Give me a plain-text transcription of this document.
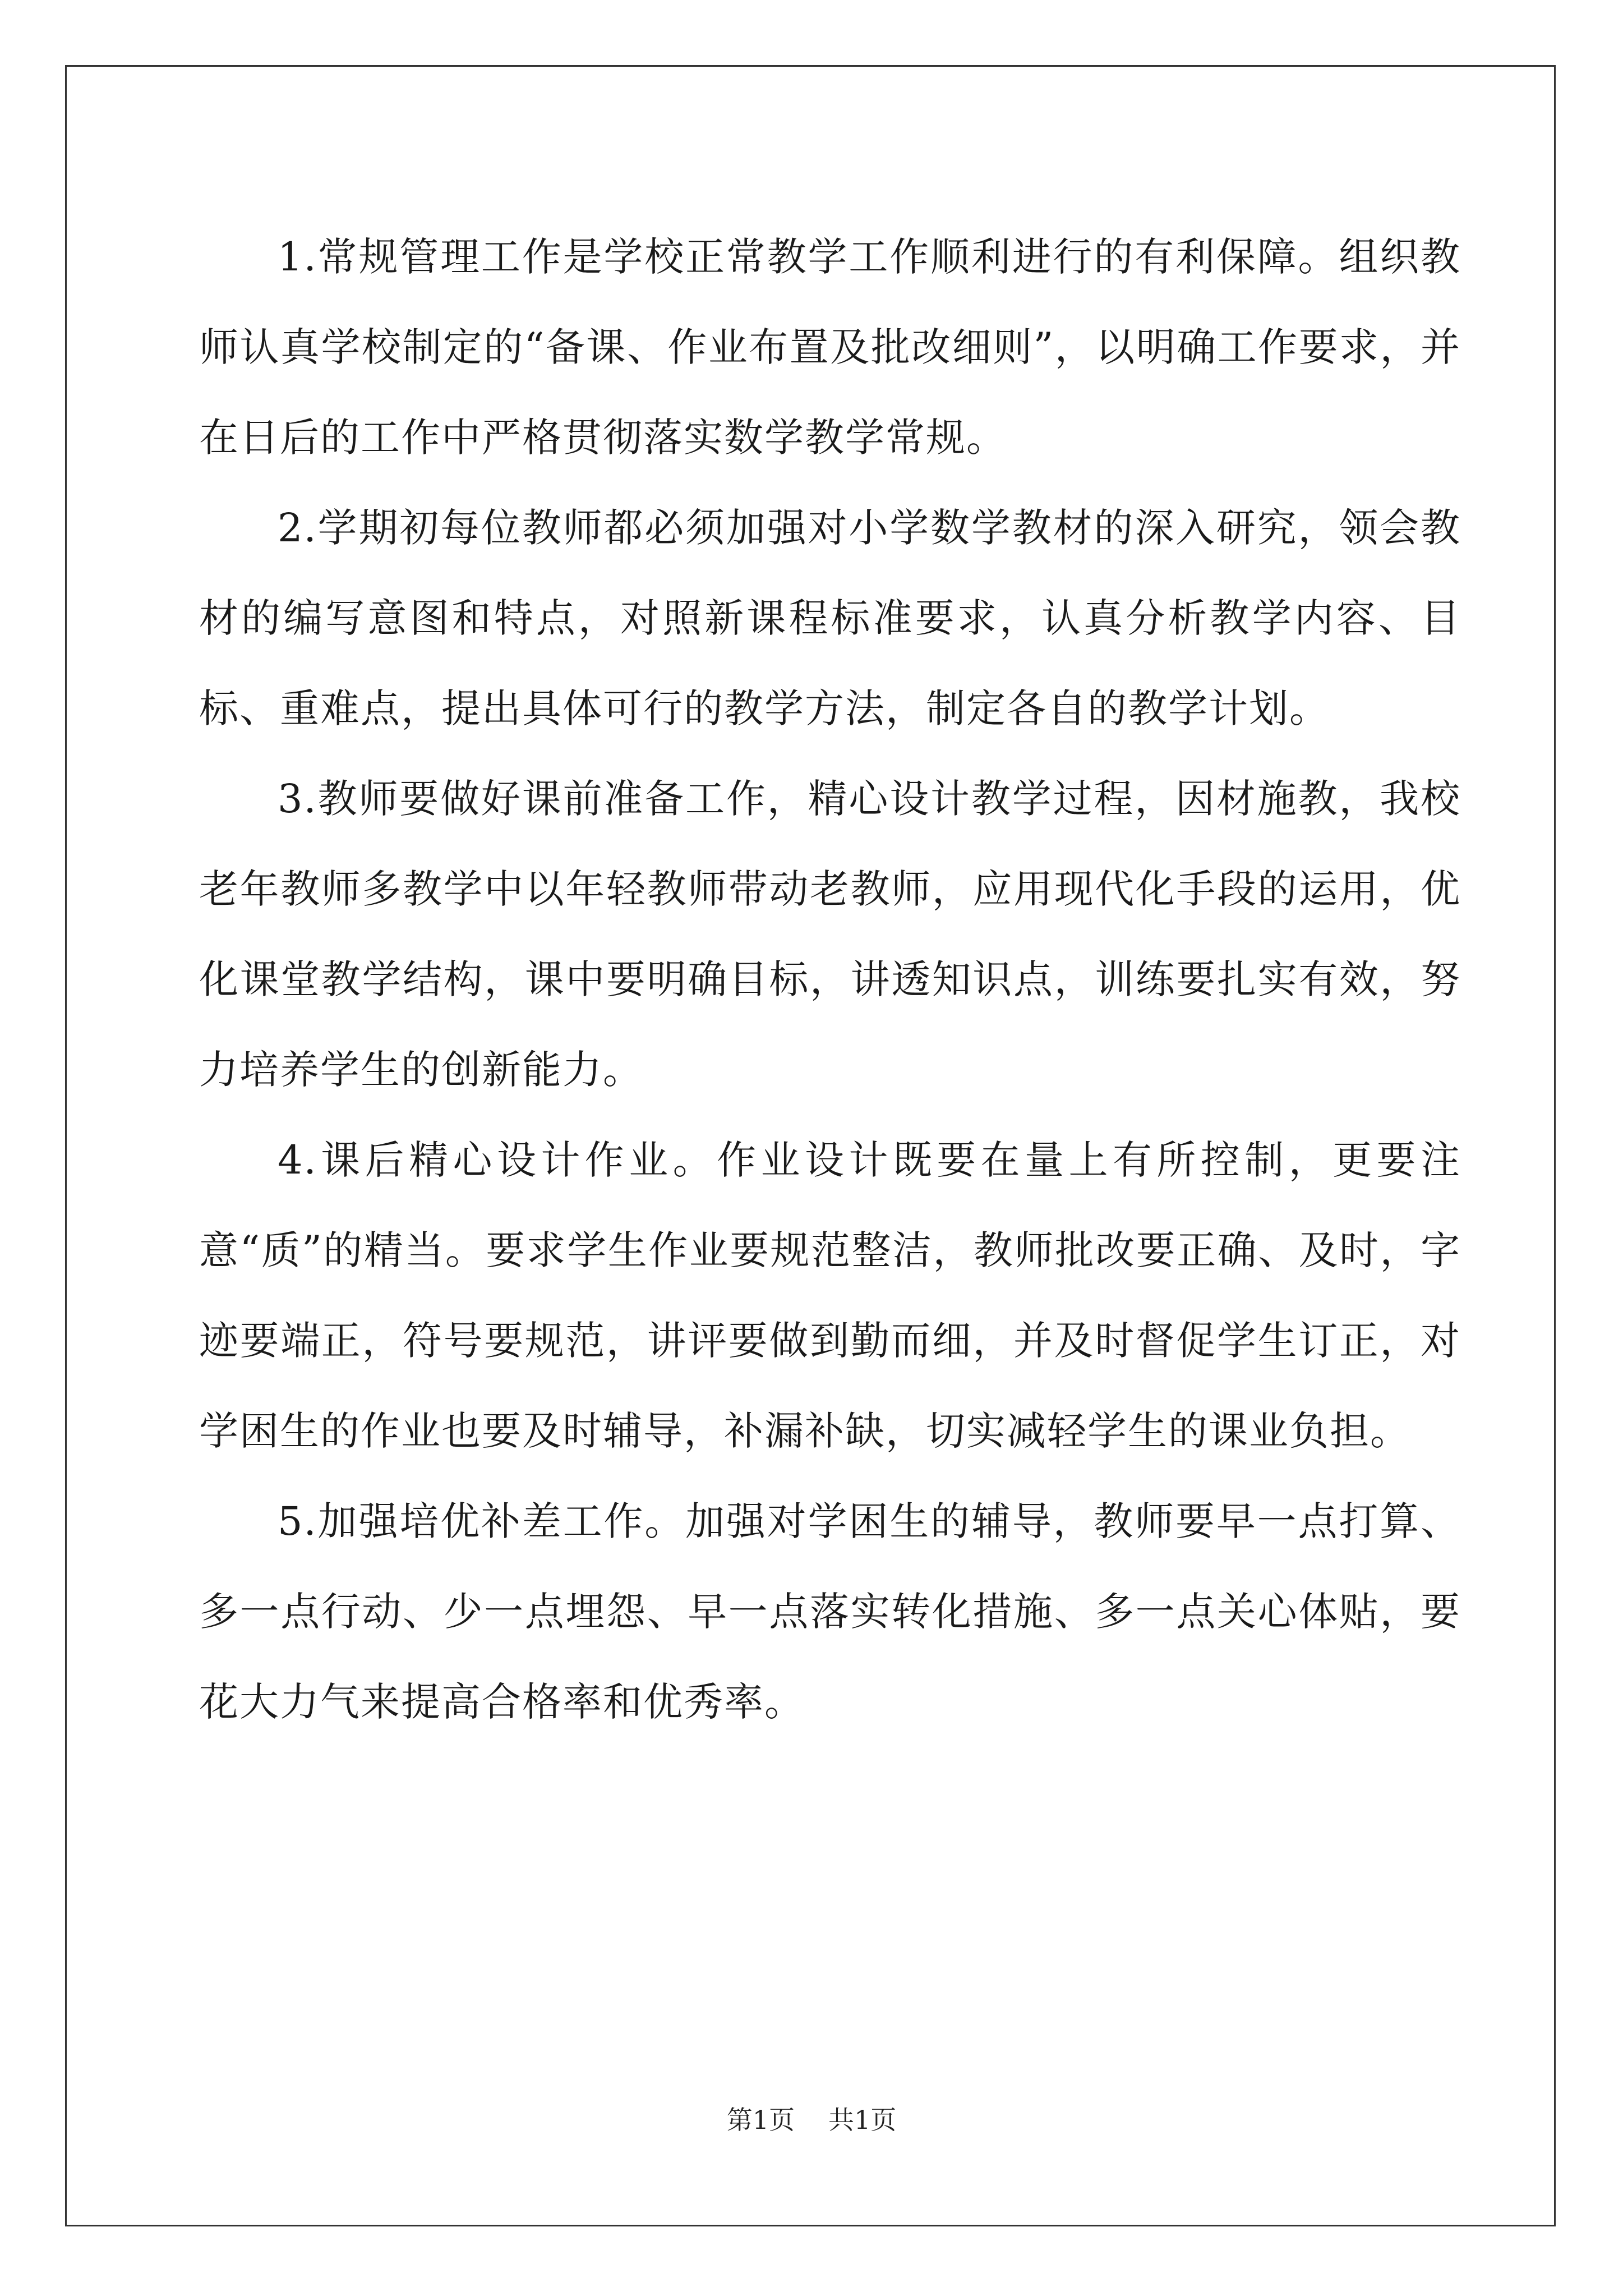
1.常规管理工作是学校正常教学工作顺利进行的有利保障。组织教师认真学校制定的“备课、作业布置及批改细则”，以明确工作要求，并在日后的工作中严格贯彻落实数学教学常规。

2.学期初每位教师都必须加强对小学数学教材的深入研究，领会教材的编写意图和特点，对照新课程标准要求，认真分析教学内容、目标、重难点，提出具体可行的教学方法，制定各自的教学计划。

3.教师要做好课前准备工作，精心设计教学过程，因材施教，我校老年教师多教学中以年轻教师带动老教师，应用现代化手段的运用，优化课堂教学结构，课中要明确目标，讲透知识点，训练要扎实有效，努力培养学生的创新能力。

4.课后精心设计作业。作业设计既要在量上有所控制，更要注意“质”的精当。要求学生作业要规范整洁，教师批改要正确、及时，字迹要端正，符号要规范，讲评要做到勤而细，并及时督促学生订正，对学困生的作业也要及时辅导，补漏补缺，切实减轻学生的课业负担。

5.加强培优补差工作。加强对学困生的辅导，教师要早一点打算、多一点行动、少一点埋怨、早一点落实转化措施、多一点关心体贴，要花大力气来提高合格率和优秀率。

第1页 共1页
